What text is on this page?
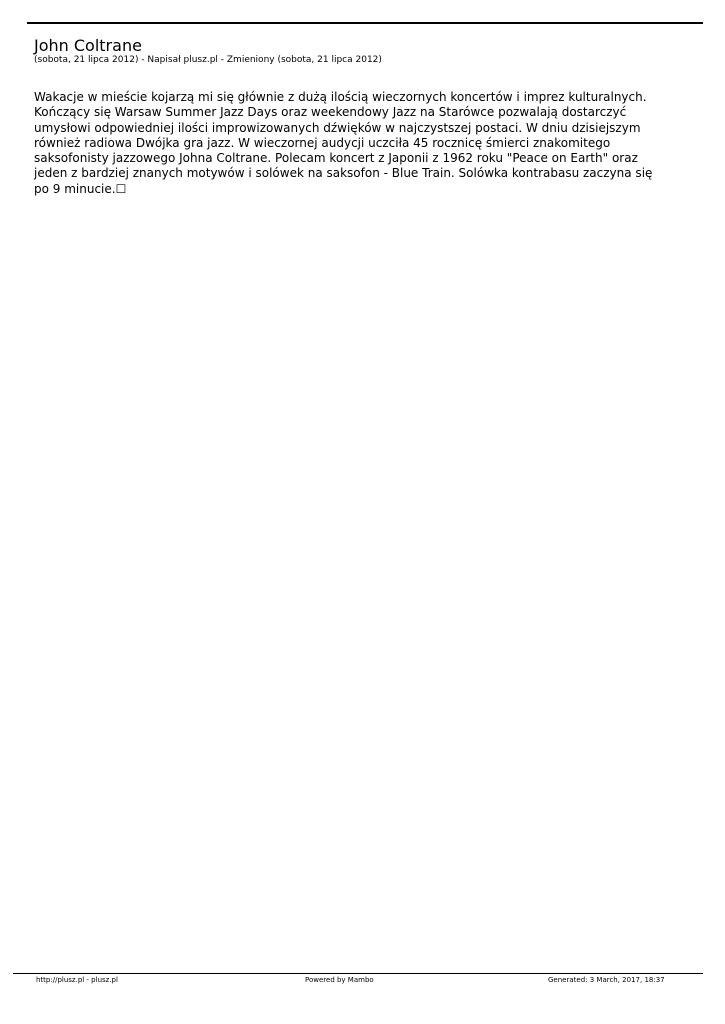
John Coltrane
(sobota, 21 lipca 2012) - Napisał plusz.pl - Zmieniony (sobota, 21 lipca 2012)
Wakacje w mieście kojarzą mi się głównie z dużą ilością wieczornych koncertów i imprez kulturalnych.
Kończący się Warsaw Summer Jazz Days oraz weekendowy Jazz na Starówce pozwalają dostarczyć
umysłowi odpowiedniej ilości improwizowanych dźwięków w najczystszej postaci. W dniu dzisiejszym
również radiowa Dwójka gra jazz. W wieczornej audycji uczciła 45 rocznicę śmierci znakomitego
saksofonisty jazzowego Johna Coltrane. Polecam koncert z Japonii z 1962 roku "Peace on Earth" oraz
jeden z bardziej znanych motywów i solówek na saksofon - Blue Train. Solówka kontrabasu zaczyna się
po 9 minucie.☐
http://plusz.pl - plusz.pl	Powered by Mambo	Generated: 3 March, 2017, 18:37
